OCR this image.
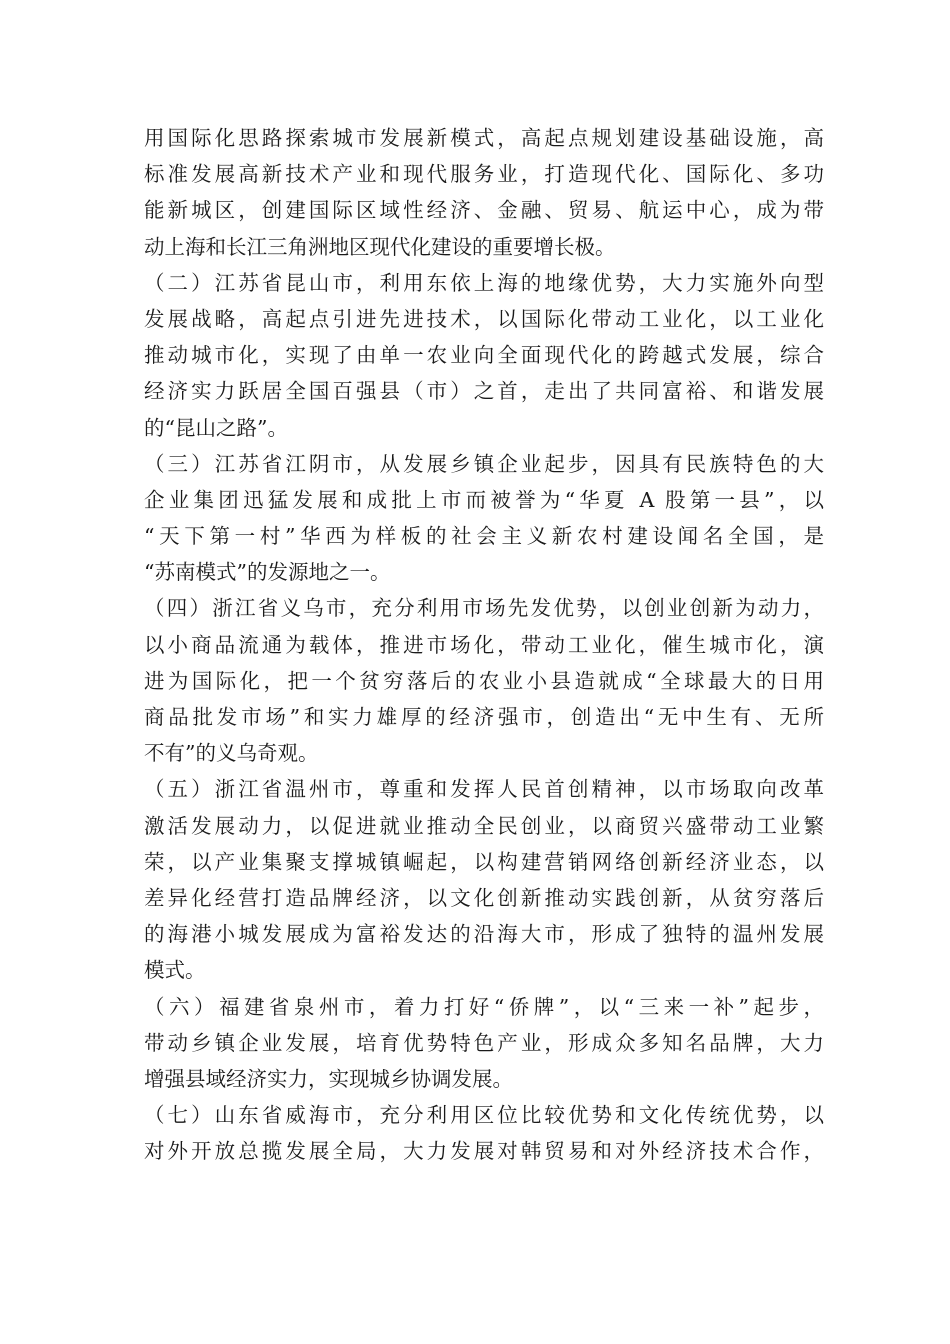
用国际化思路探索城市发展新模式，高起点规划建设基础设施，高
标准发展高新技术产业和现代服务业，打造现代化、国际化、多功
能新城区，创建国际区域性经济、金融、贸易、航运中心，成为带
动上海和长江三角洲地区现代化建设的重要增长极。
（二）江苏省昆山市，利用东依上海的地缘优势，大力实施外向型
发展战略，高起点引进先进技术，以国际化带动工业化，以工业化
推动城市化，实现了由单一农业向全面现代化的跨越式发展，综合
经济实力跃居全国百强县（市）之首，走出了共同富裕、和谐发展
的“昆山之路”。
（三）江苏省江阴市，从发展乡镇企业起步，因具有民族特色的大
企业集团迅猛发展和成批上市而被誉为“华夏 A 股第一县”，以
“天下第一村”华西为样板的社会主义新农村建设闻名全国，是
“苏南模式”的发源地之一。
（四）浙江省义乌市，充分利用市场先发优势，以创业创新为动力，
以小商品流通为载体，推进市场化，带动工业化，催生城市化，演
进为国际化，把一个贫穷落后的农业小县造就成“全球最大的日用
商品批发市场”和实力雄厚的经济强市，创造出“无中生有、无所
不有”的义乌奇观。
（五）浙江省温州市，尊重和发挥人民首创精神，以市场取向改革
激活发展动力，以促进就业推动全民创业，以商贸兴盛带动工业繁
荣，以产业集聚支撑城镇崛起，以构建营销网络创新经济业态，以
差异化经营打造品牌经济，以文化创新推动实践创新，从贫穷落后
的海港小城发展成为富裕发达的沿海大市，形成了独特的温州发展
模式。
（六）福建省泉州市，着力打好“侨牌”，以“三来一补”起步，
带动乡镇企业发展，培育优势特色产业，形成众多知名品牌，大力
增强县域经济实力，实现城乡协调发展。
（七）山东省威海市，充分利用区位比较优势和文化传统优势，以
对外开放总揽发展全局，大力发展对韩贸易和对外经济技术合作，
